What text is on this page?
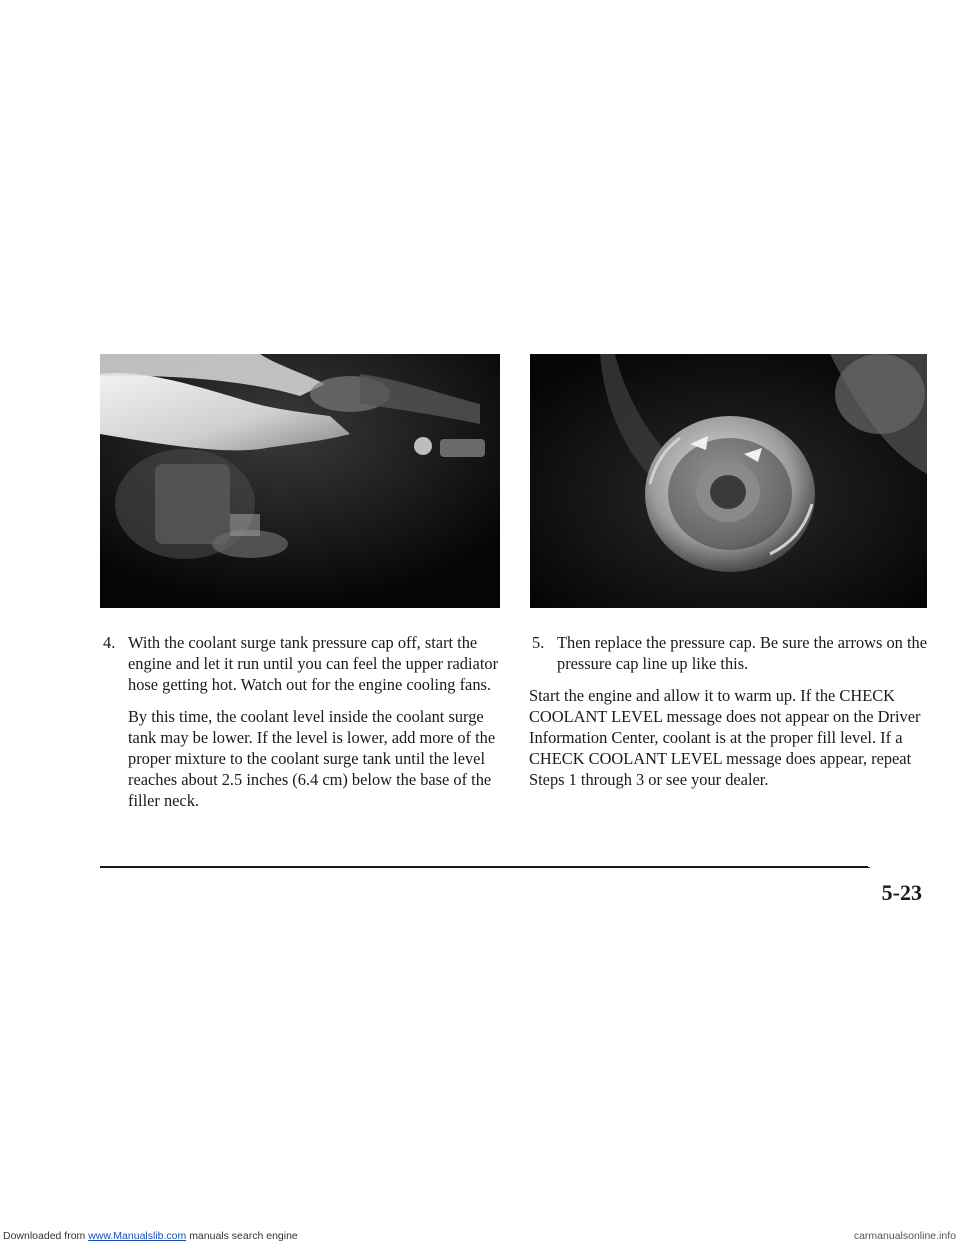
4. With the coolant surge tank pressure cap off, start the engine and let it run until you can feel the upper radiator hose getting hot. Watch out for the engine cooling fans.

By this time, the coolant level inside the coolant surge tank may be lower. If the level is lower, add more of the proper mixture to the coolant surge tank until the level reaches about 2.5 inches (6.4 cm) below the base of the filler neck.

5. Then replace the pressure cap. Be sure the arrows on the pressure cap line up like this.

Start the engine and allow it to warm up. If the CHECK COOLANT LEVEL message does not appear on the Driver Information Center, coolant is at the proper fill level. If a CHECK COOLANT LEVEL message does appear, repeat Steps 1 through 3 or see your dealer.

5-23
Downloaded from www.Manualslib.com manuals search engine	carmanualsonline.info
